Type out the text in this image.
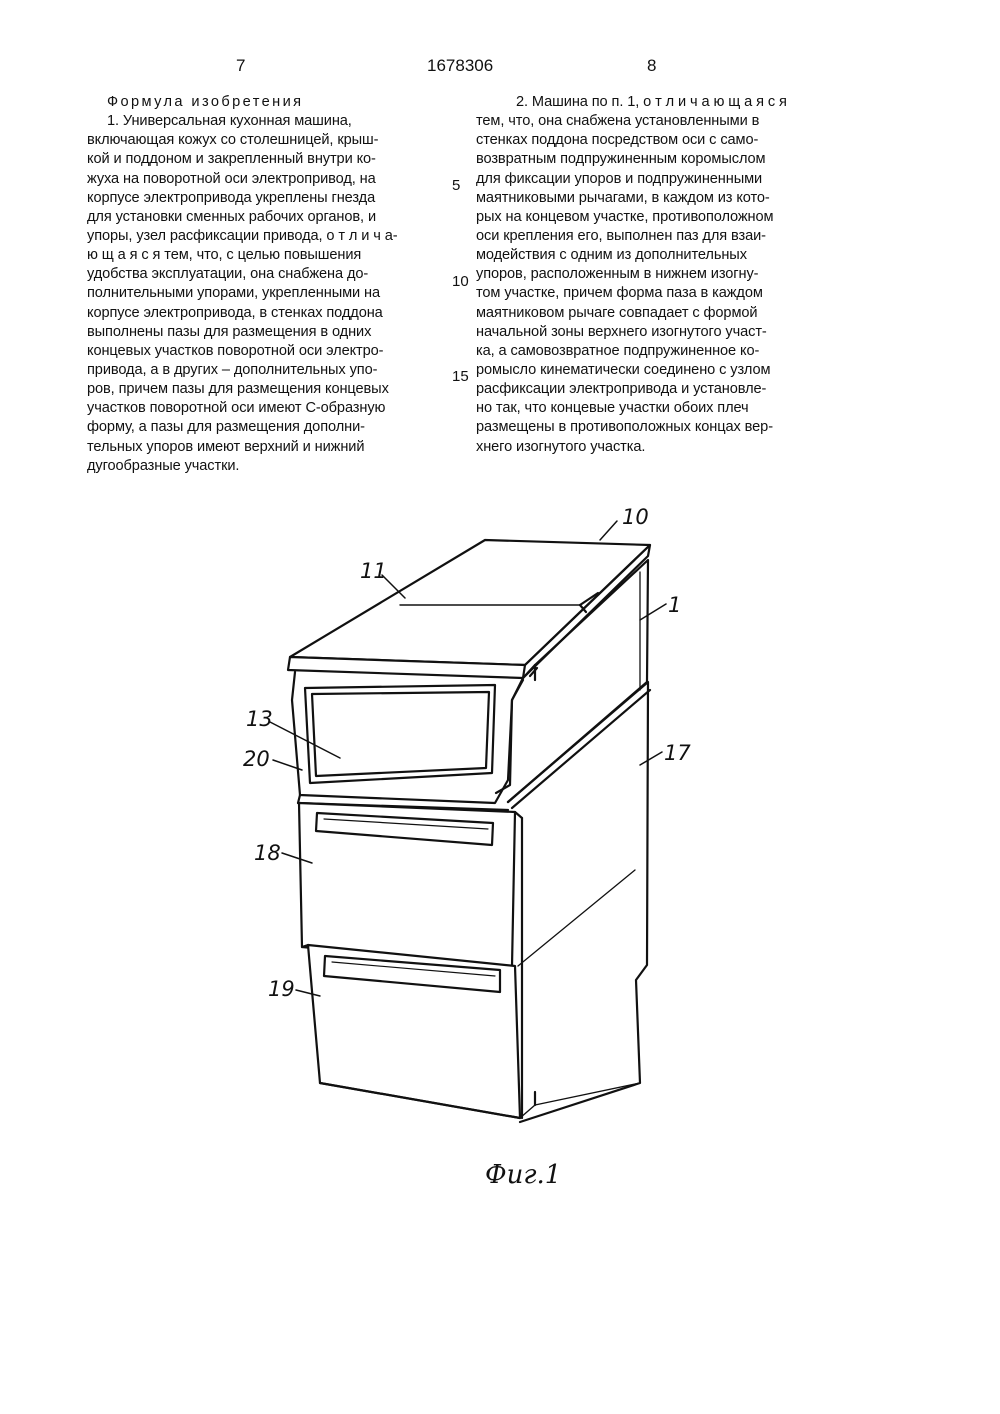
7	1678306	8
Формула изобретения
1. Универсальная кухонная машина,
включающая кожух со столешницей, крыш-
кой и поддоном и закрепленный внутри ко-
жуха на поворотной оси электропривод, на
корпусе электропривода укреплены гнезда
для установки сменных рабочих органов, и
упоры, узел расфиксации привода, о т л и ч а-
ю щ а я с я тем, что, с целью повышения
удобства эксплуатации, она снабжена до-
полнительными упорами, укрепленными на
корпусе электропривода, в стенках поддона
выполнены пазы для размещения в одних
концевых участков поворотной оси электро-
привода, а в других – дополнительных упо-
ров, причем пазы для размещения концевых
участков поворотной оси имеют С-образную
форму, а пазы для размещения дополни-
тельных упоров имеют верхний и нижний
дугообразные участки.
5
10
15
2. Машина по п. 1, о т л и ч а ю щ а я с я
тем, что, она снабжена установленными в
стенках поддона посредством оси с само-
возвратным подпружиненным коромыслом
для фиксации упоров и подпружиненными
маятниковыми рычагами, в каждом из кото-
рых на концевом участке, противоположном
оси крепления его, выполнен паз для взаи-
модействия с одним из дополнительных
упоров, расположенным в нижнем изогну-
том участке, причем форма паза в каждом
маятниковом рычаге совпадает с формой
начальной зоны верхнего изогнутого участ-
ка, а самовозвратное подпружиненное ко-
ромысло кинематически соединено с узлом
расфиксации электропривода и установле-
но так, что концевые участки обоих плеч
размещены в противоположных концах вер-
хнего изогнутого участка.
10
11
1
13
20	17
18
19
Фиг.1
